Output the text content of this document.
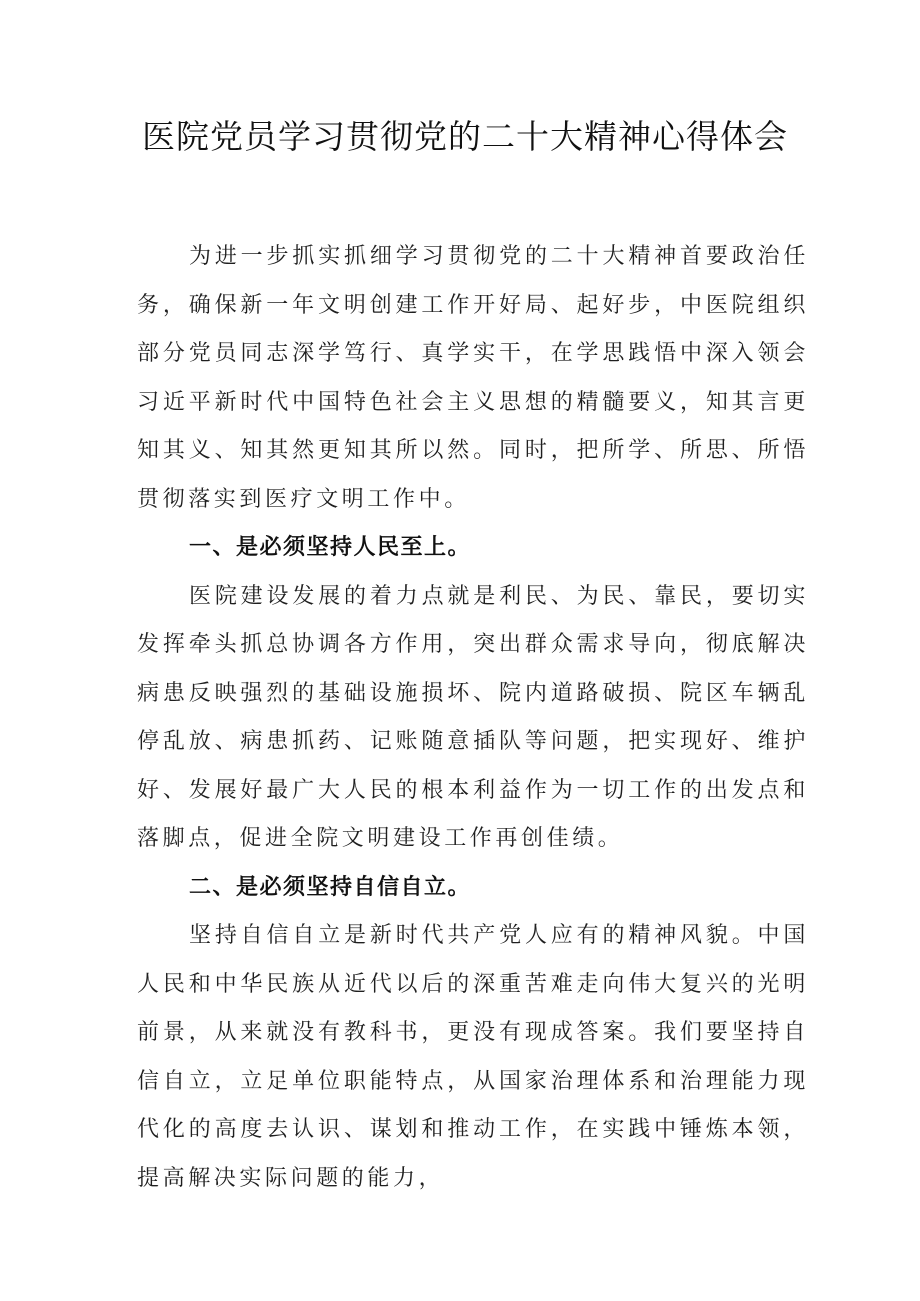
医院党员学习贯彻党的二十大精神心得体会

为进一步抓实抓细学习贯彻党的二十大精神首要政治任务，确保新一年文明创建工作开好局、起好步，中医院组织部分党员同志深学笃行、真学实干，在学思践悟中深入领会习近平新时代中国特色社会主义思想的精髓要义，知其言更知其义、知其然更知其所以然。同时，把所学、所思、所悟贯彻落实到医疗文明工作中。

一、是必须坚持人民至上。

医院建设发展的着力点就是利民、为民、靠民，要切实发挥牵头抓总协调各方作用，突出群众需求导向，彻底解决病患反映强烈的基础设施损坏、院内道路破损、院区车辆乱停乱放、病患抓药、记账随意插队等问题，把实现好、维护好、发展好最广大人民的根本利益作为一切工作的出发点和落脚点，促进全院文明建设工作再创佳绩。

二、是必须坚持自信自立。

坚持自信自立是新时代共产党人应有的精神风貌。中国人民和中华民族从近代以后的深重苦难走向伟大复兴的光明前景，从来就没有教科书，更没有现成答案。我们要坚持自信自立，立足单位职能特点，从国家治理体系和治理能力现代化的高度去认识、谋划和推动工作，在实践中锤炼本领，提高解决实际问题的能力，
